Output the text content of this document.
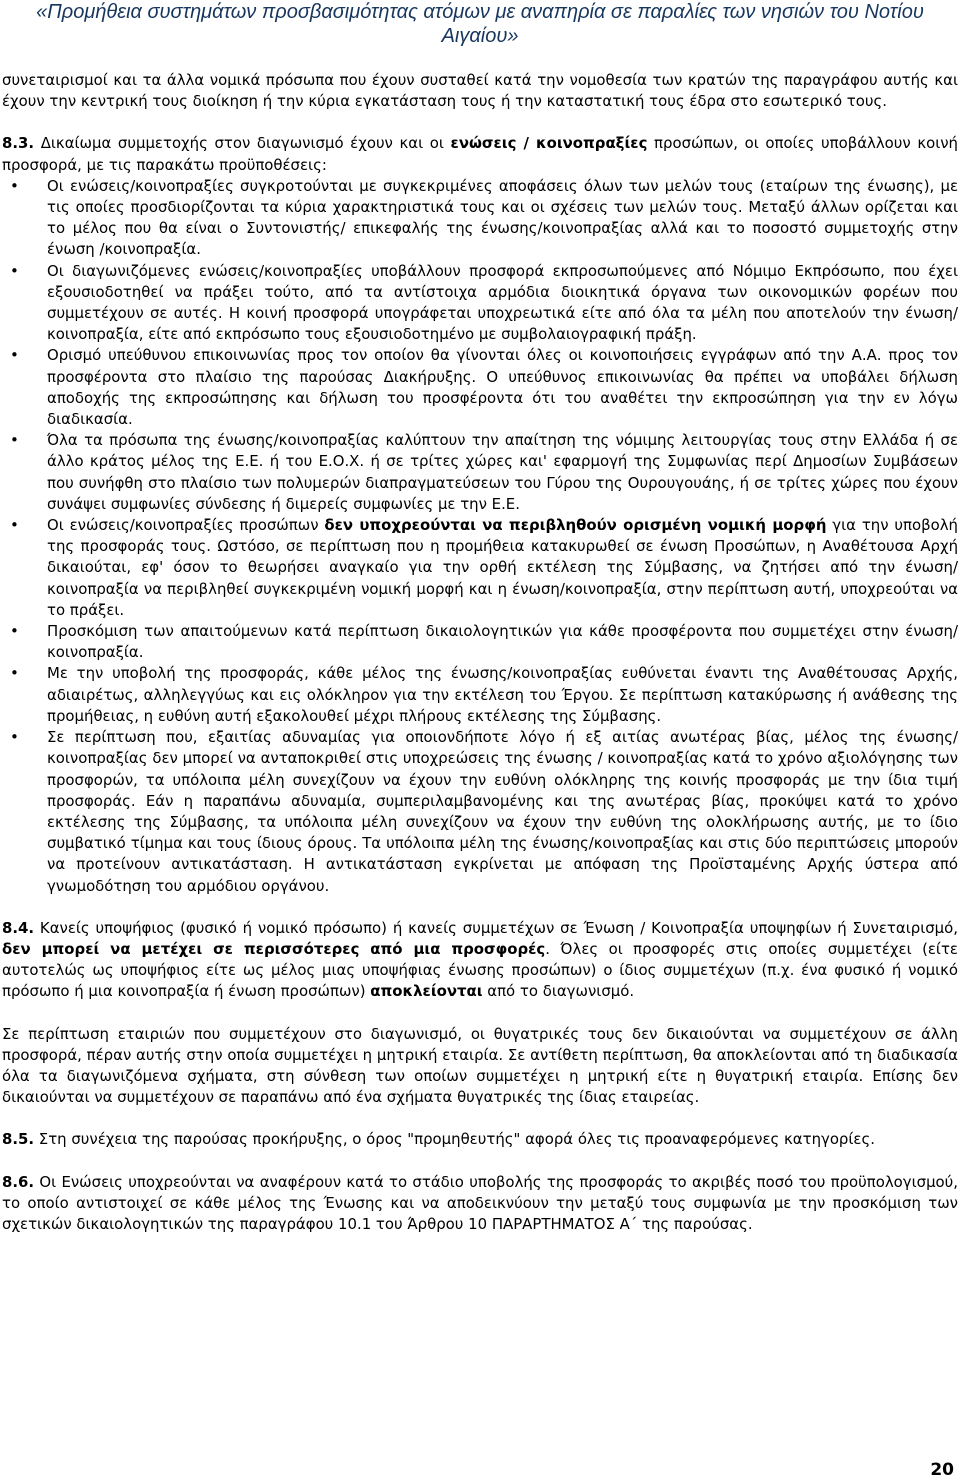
«Προμήθεια συστημάτων προσβασιμότητας ατόμων με αναπηρία σε παραλίες των νησιών του Νοτίου
Αιγαίου»

συνεταιρισμοί και τα άλλα νομικά πρόσωπα που έχουν συσταθεί κατά την νομοθεσία των κρατών της παραγράφου αυτής και έχουν την κεντρική τους διοίκηση ή την κύρια εγκατάσταση τους ή την καταστατική τους έδρα στο εσωτερικό τους.

8.3. Δικαίωμα συμμετοχής στον διαγωνισμό έχουν και οι ενώσεις / κοινοπραξίες προσώπων, οι οποίες υποβάλλουν κοινή προσφορά, με τις παρακάτω προϋποθέσεις:

• Οι ενώσεις/κοινοπραξίες συγκροτούνται με συγκεκριμένες αποφάσεις όλων των μελών τους (εταίρων της ένωσης), με τις οποίες προσδιορίζονται τα κύρια χαρακτηριστικά τους και οι σχέσεις των μελών τους. Μεταξύ άλλων ορίζεται και το μέλος που θα είναι ο Συντονιστής/ επικεφαλής της ένωσης/κοινοπραξίας αλλά και το ποσοστό συμμετοχής στην ένωση /κοινοπραξία.
• Οι διαγωνιζόμενες ενώσεις/κοινοπραξίες υποβάλλουν προσφορά εκπροσωπούμενες από Νόμιμο Εκπρόσωπο, που έχει εξουσιοδοτηθεί να πράξει τούτο, από τα αντίστοιχα αρμόδια διοικητικά όργανα των οικονομικών φορέων που συμμετέχουν σε αυτές. Η κοινή προσφορά υπογράφεται υποχρεωτικά είτε από όλα τα μέλη που αποτελούν την ένωση/κοινοπραξία, είτε από εκπρόσωπο τους εξουσιοδοτημένο με συμβολαιογραφική πράξη.
• Ορισμό υπεύθυνου επικοινωνίας προς τον οποίον θα γίνονται όλες οι κοινοποιήσεις εγγράφων από την Α.Α. προς τον προσφέροντα στο πλαίσιο της παρούσας Διακήρυξης. Ο υπεύθυνος επικοινωνίας θα πρέπει να υποβάλει δήλωση αποδοχής της εκπροσώπησης και δήλωση του προσφέροντα ότι του αναθέτει την εκπροσώπηση για την εν λόγω διαδικασία.
• Όλα τα πρόσωπα της ένωσης/κοινοπραξίας καλύπτουν την απαίτηση της νόμιμης λειτουργίας τους στην Ελλάδα ή σε άλλο κράτος μέλος της Ε.Ε. ή του Ε.Ο.Χ. ή σε τρίτες χώρες και' εφαρμογή της Συμφωνίας περί Δημοσίων Συμβάσεων που συνήφθη στο πλαίσιο των πολυμερών διαπραγματεύσεων του Γύρου της Ουρουγουάης, ή σε τρίτες χώρες που έχουν συνάψει συμφωνίες σύνδεσης ή διμερείς συμφωνίες με την Ε.Ε.
• Οι ενώσεις/κοινοπραξίες προσώπων δεν υποχρεούνται να περιβληθούν ορισμένη νομική μορφή για την υποβολή της προσφοράς τους. Ωστόσο, σε περίπτωση που η προμήθεια κατακυρωθεί σε ένωση Προσώπων, η Αναθέτουσα Αρχή δικαιούται, εφ' όσον το θεωρήσει αναγκαίο για την ορθή εκτέλεση της Σύμβασης, να ζητήσει από την ένωση/κοινοπραξία να περιβληθεί συγκεκριμένη νομική μορφή και η ένωση/κοινοπραξία, στην περίπτωση αυτή, υποχρεούται να το πράξει.
• Προσκόμιση των απαιτούμενων κατά περίπτωση δικαιολογητικών για κάθε προσφέροντα που συμμετέχει στην ένωση/κοινοπραξία.
• Με την υποβολή της προσφοράς, κάθε μέλος της ένωσης/κοινοπραξίας ευθύνεται έναντι της Αναθέτουσας Αρχής, αδιαιρέτως, αλληλεγγύως και εις ολόκληρον για την εκτέλεση του Έργου. Σε περίπτωση κατακύρωσης ή ανάθεσης της προμήθειας, η ευθύνη αυτή εξακολουθεί μέχρι πλήρους εκτέλεσης της Σύμβασης.
• Σε περίπτωση που, εξαιτίας αδυναμίας για οποιονδήποτε λόγο ή εξ αιτίας ανωτέρας βίας, μέλος της ένωσης/κοινοπραξίας δεν μπορεί να ανταποκριθεί στις υποχρεώσεις της ένωσης / κοινοπραξίας κατά το χρόνο αξιολόγησης των προσφορών, τα υπόλοιπα μέλη συνεχίζουν να έχουν την ευθύνη ολόκληρης της κοινής προσφοράς με την ίδια τιμή προσφοράς. Εάν η παραπάνω αδυναμία, συμπεριλαμβανομένης και της ανωτέρας βίας, προκύψει κατά το χρόνο εκτέλεσης της Σύμβασης, τα υπόλοιπα μέλη συνεχίζουν να έχουν την ευθύνη της ολοκλήρωσης αυτής, με το ίδιο συμβατικό τίμημα και τους ίδιους όρους. Τα υπόλοιπα μέλη της ένωσης/κοινοπραξίας και στις δύο περιπτώσεις μπορούν να προτείνουν αντικατάσταση. Η αντικατάσταση εγκρίνεται με απόφαση της Προϊσταμένης Αρχής ύστερα από γνωμοδότηση του αρμόδιου οργάνου.

8.4. Κανείς υποψήφιος (φυσικό ή νομικό πρόσωπο) ή κανείς συμμετέχων σε Ένωση / Κοινοπραξία υποψηφίων ή Συνεταιρισμό, δεν μπορεί να μετέχει σε περισσότερες από μια προσφορές. Όλες οι προσφορές στις οποίες συμμετέχει (είτε αυτοτελώς ως υποψήφιος είτε ως μέλος μιας υποψήφιας ένωσης προσώπων) ο ίδιος συμμετέχων (π.χ. ένα φυσικό ή νομικό πρόσωπο ή μια κοινοπραξία ή ένωση προσώπων) αποκλείονται από το διαγωνισμό.

Σε περίπτωση εταιριών που συμμετέχουν στο διαγωνισμό, οι θυγατρικές τους δεν δικαιούνται να συμμετέχουν σε άλλη προσφορά, πέραν αυτής στην οποία συμμετέχει η μητρική εταιρία. Σε αντίθετη περίπτωση, θα αποκλείονται από τη διαδικασία όλα τα διαγωνιζόμενα σχήματα, στη σύνθεση των οποίων συμμετέχει η μητρική είτε η θυγατρική εταιρία. Επίσης δεν δικαιούνται να συμμετέχουν σε παραπάνω από ένα σχήματα θυγατρικές της ίδιας εταιρείας.

8.5. Στη συνέχεια της παρούσας προκήρυξης, ο όρος "προμηθευτής" αφορά όλες τις προαναφερόμενες κατηγορίες.

8.6. Οι Ενώσεις υποχρεούνται να αναφέρουν κατά το στάδιο υποβολής της προσφοράς το ακριβές ποσό του προϋπολογισμού, το οποίο αντιστοιχεί σε κάθε μέλος της Ένωσης και να αποδεικνύουν την μεταξύ τους συμφωνία με την προσκόμιση των σχετικών δικαιολογητικών της παραγράφου 10.1 του Άρθρου 10 ΠΑΡΑΡΤΗΜΑΤΟΣ Α΄ της παρούσας.

20
